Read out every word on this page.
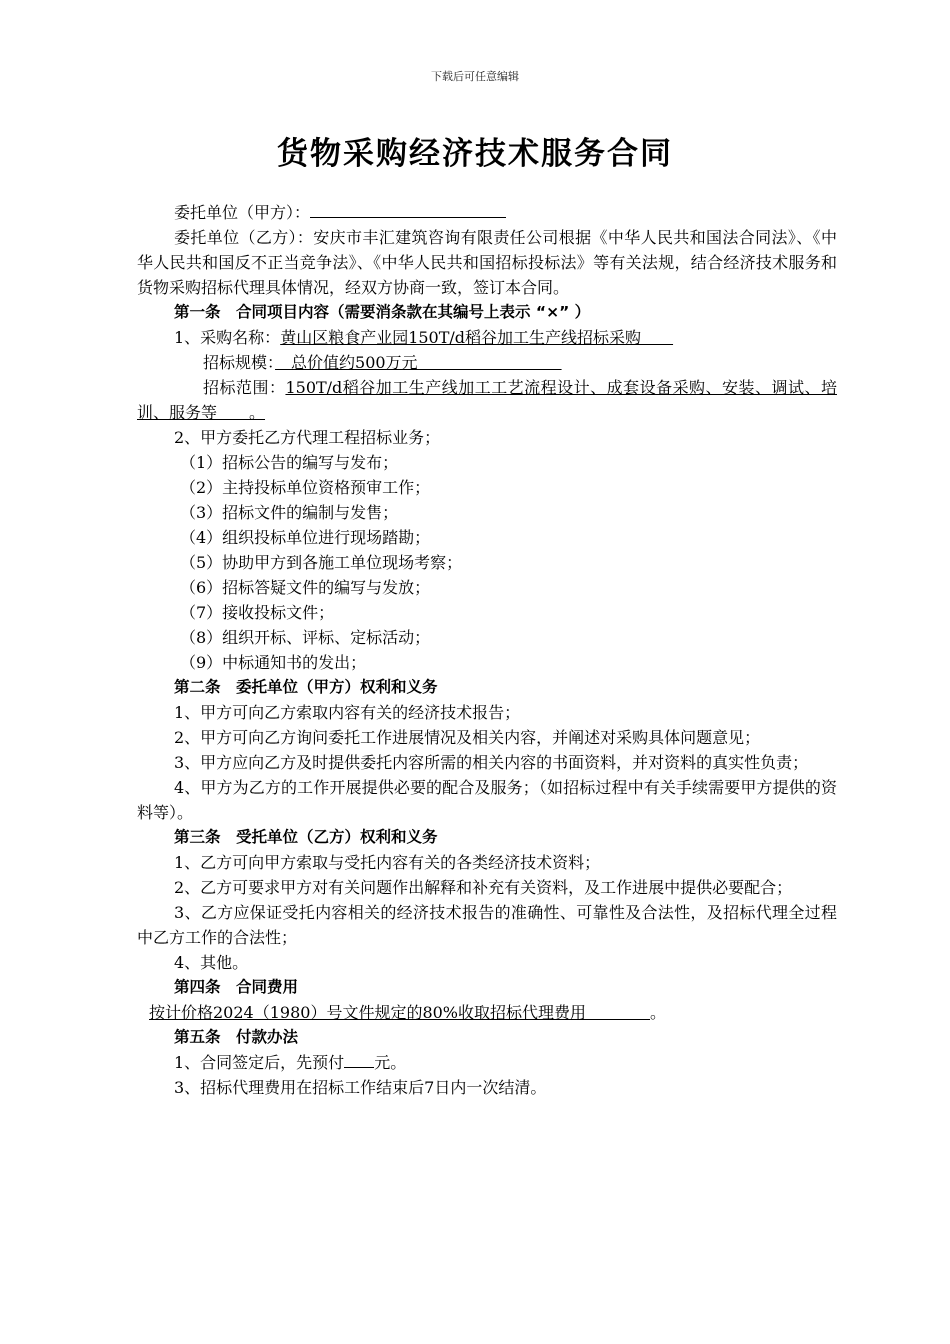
下载后可任意编辑
货物采购经济技术服务合同

委托单位（甲方）：

委托单位（乙方）：安庆市丰汇建筑咨询有限责任公司根据《中华人民共和国法合同法》、《中华人民共和国反不正当竞争法》、《中华人民共和国招标投标法》等有关法规，结合经济技术服务和货物采购招标代理具体情况，经双方协商一致，签订本合同。

第一条　合同项目内容（需要消条款在其编号上表示 “×” ）

1、采购名称：黄山区粮食产业园150T/d稻谷加工生产线招标采购　　

招标规模：　总价值约500万元　　　　　　　　　

招标范围：150T/d稻谷加工生产线加工工艺流程设计、成套设备采购、安装、调试、培训、服务等　　。

2、甲方委托乙方代理工程招标业务；

（1）招标公告的编写与发布；

（2）主持投标单位资格预审工作；

（3）招标文件的编制与发售；

（4）组织投标单位进行现场踏勘；

（5）协助甲方到各施工单位现场考察；

（6）招标答疑文件的编写与发放；

（7）接收投标文件；

（8）组织开标、评标、定标活动；

（9）中标通知书的发出；

第二条　委托单位（甲方）权利和义务

1、甲方可向乙方索取内容有关的经济技术报告；

2、甲方可向乙方询问委托工作进展情况及相关内容，并阐述对采购具体问题意见；

3、甲方应向乙方及时提供委托内容所需的相关内容的书面资料，并对资料的真实性负责；

4、甲方为乙方的工作开展提供必要的配合及服务；（如招标过程中有关手续需要甲方提供的资料等）。

第三条　受托单位（乙方）权利和义务

1、乙方可向甲方索取与受托内容有关的各类经济技术资料；

2、乙方可要求甲方对有关问题作出解释和补充有关资料，及工作进展中提供必要配合；

3、乙方应保证受托内容相关的经济技术报告的准确性、可靠性及合法性，及招标代理全过程中乙方工作的合法性；

4、其他。

第四条　合同费用

按计价格2024（1980）号文件规定的80%收取招标代理费用　　　　。

第五条　付款办法

1、合同签定后，先预付 元。

3、招标代理费用在招标工作结束后7日内一次结清。
